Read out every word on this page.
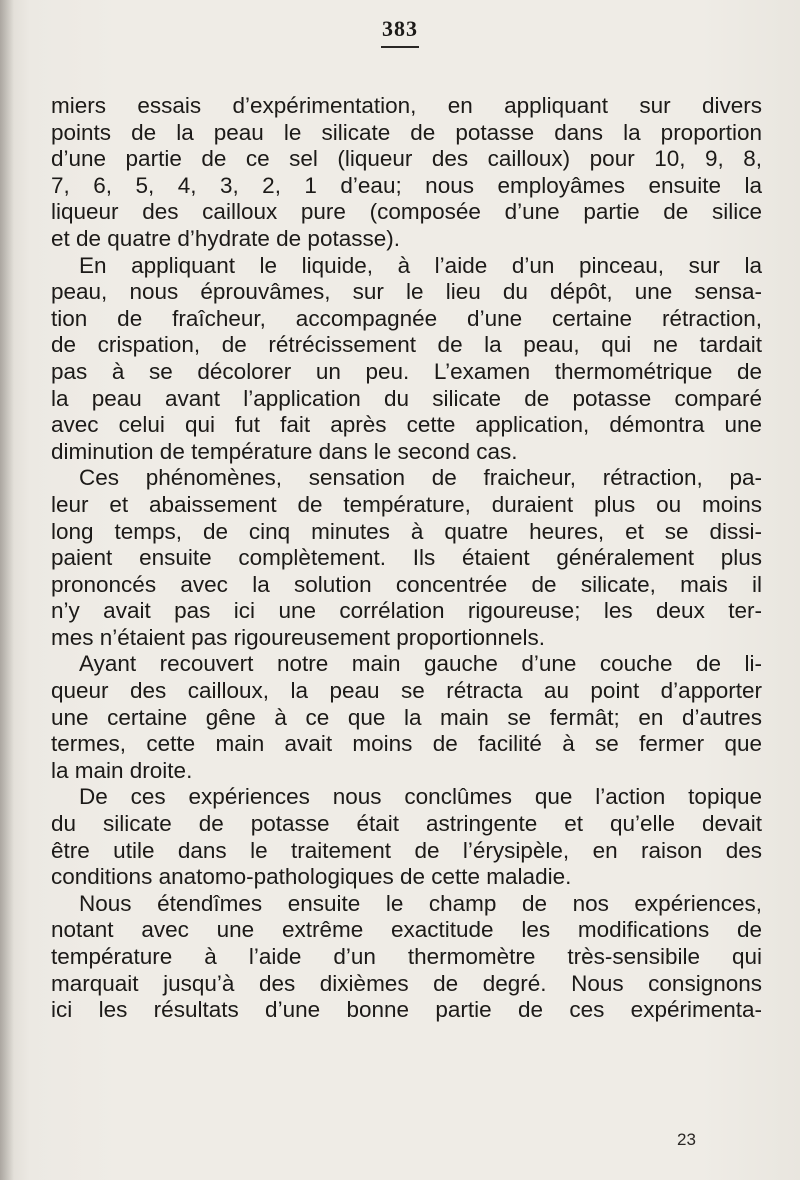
383
miers essais d’expérimentation, en appliquant sur divers
points de la peau le silicate de potasse dans la proportion
d’une partie de ce sel (liqueur des cailloux) pour 10, 9, 8,
7, 6, 5, 4, 3, 2, 1 d’eau; nous employâmes ensuite la
liqueur des cailloux pure (composée d’une partie de silice
et de quatre d’hydrate de potasse).
En appliquant le liquide, à l’aide d’un pinceau, sur la
peau, nous éprouvâmes, sur le lieu du dépôt, une sensa-
tion de fraîcheur, accompagnée d’une certaine rétraction,
de crispation, de rétrécissement de la peau, qui ne tardait
pas à se décolorer un peu. L’examen thermométrique de
la peau avant l’application du silicate de potasse comparé
avec celui qui fut fait après cette application, démontra une
diminution de température dans le second cas.
Ces phénomènes, sensation de fraicheur, rétraction, pa-
leur et abaissement de température, duraient plus ou moins
long temps, de cinq minutes à quatre heures, et se dissi-
paient ensuite complètement. Ils étaient généralement plus
prononcés avec la solution concentrée de silicate, mais il
n’y avait pas ici une corrélation rigoureuse; les deux ter-
mes n’étaient pas rigoureusement proportionnels.
Ayant recouvert notre main gauche d’une couche de li-
queur des cailloux, la peau se rétracta au point d’apporter
une certaine gêne à ce que la main se fermât; en d’autres
termes, cette main avait moins de facilité à se fermer que
la main droite.
De ces expériences nous conclûmes que l’action topique
du silicate de potasse était astringente et qu’elle devait
être utile dans le traitement de l’érysipèle, en raison des
conditions anatomo-pathologiques de cette maladie.
Nous étendîmes ensuite le champ de nos expériences,
notant avec une extrême exactitude les modifications de
température à l’aide d’un thermomètre très-sensibile qui
marquait jusqu’à des dixièmes de degré. Nous consignons
ici les résultats d’une bonne partie de ces expérimenta-
23
